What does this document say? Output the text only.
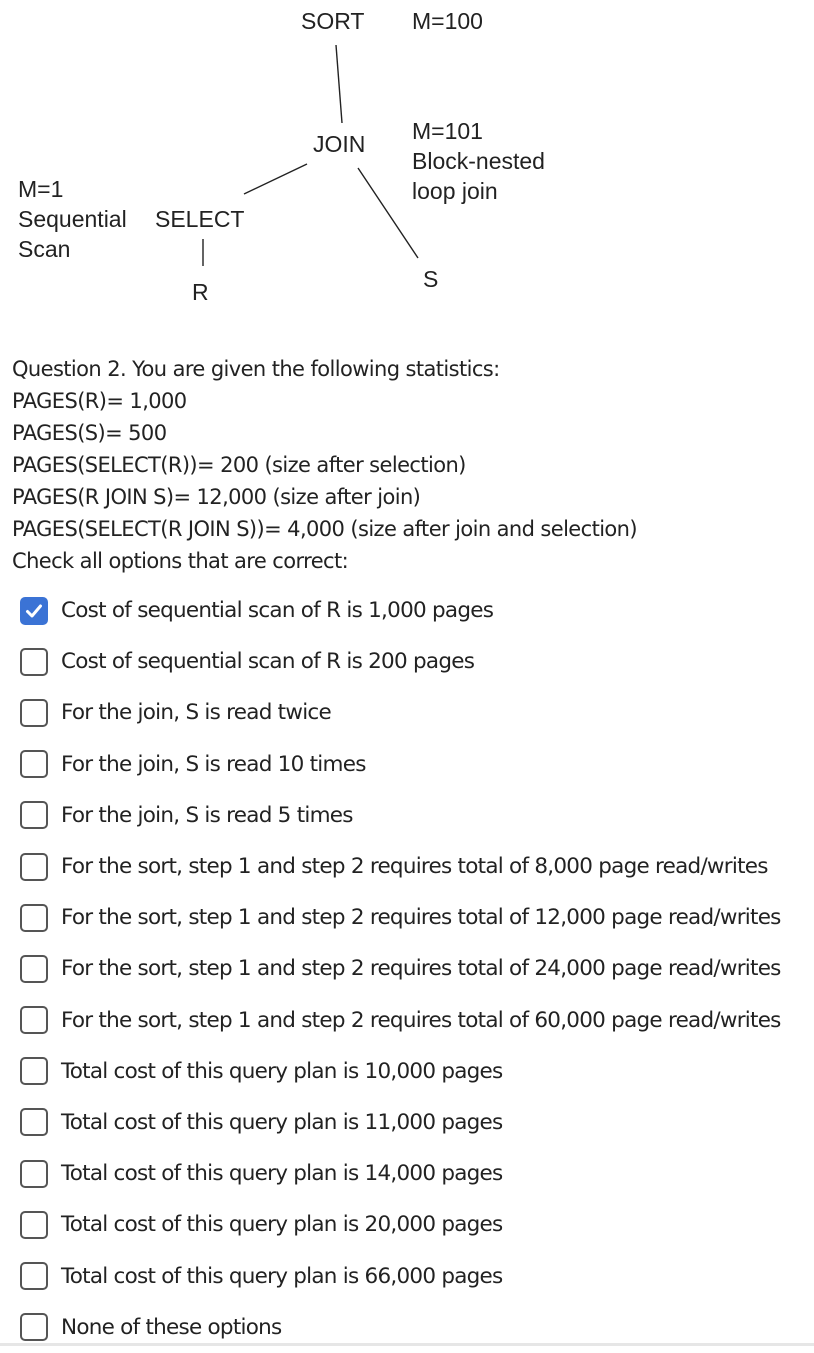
SORT M=100
JOIN M=101
Block-nested
loop join
M=1
Sequential
Scan
SELECT
R	S
Question 2. You are given the following statistics:
PAGES(R)= 1,000
PAGES(S)= 500
PAGES(SELECT(R))= 200 (size after selection)
PAGES(R JOIN S)= 12,000 (size after join)
PAGES(SELECT(R JOIN S))= 4,000 (size after join and selection)
Check all options that are correct:
Cost of sequential scan of R is 1,000 pages
Cost of sequential scan of R is 200 pages
For the join, S is read twice
For the join, S is read 10 times
For the join, S is read 5 times
For the sort, step 1 and step 2 requires total of 8,000 page read/writes
For the sort, step 1 and step 2 requires total of 12,000 page read/writes
For the sort, step 1 and step 2 requires total of 24,000 page read/writes
For the sort, step 1 and step 2 requires total of 60,000 page read/writes
Total cost of this query plan is 10,000 pages
Total cost of this query plan is 11,000 pages
Total cost of this query plan is 14,000 pages
Total cost of this query plan is 20,000 pages
Total cost of this query plan is 66,000 pages
None of these options
